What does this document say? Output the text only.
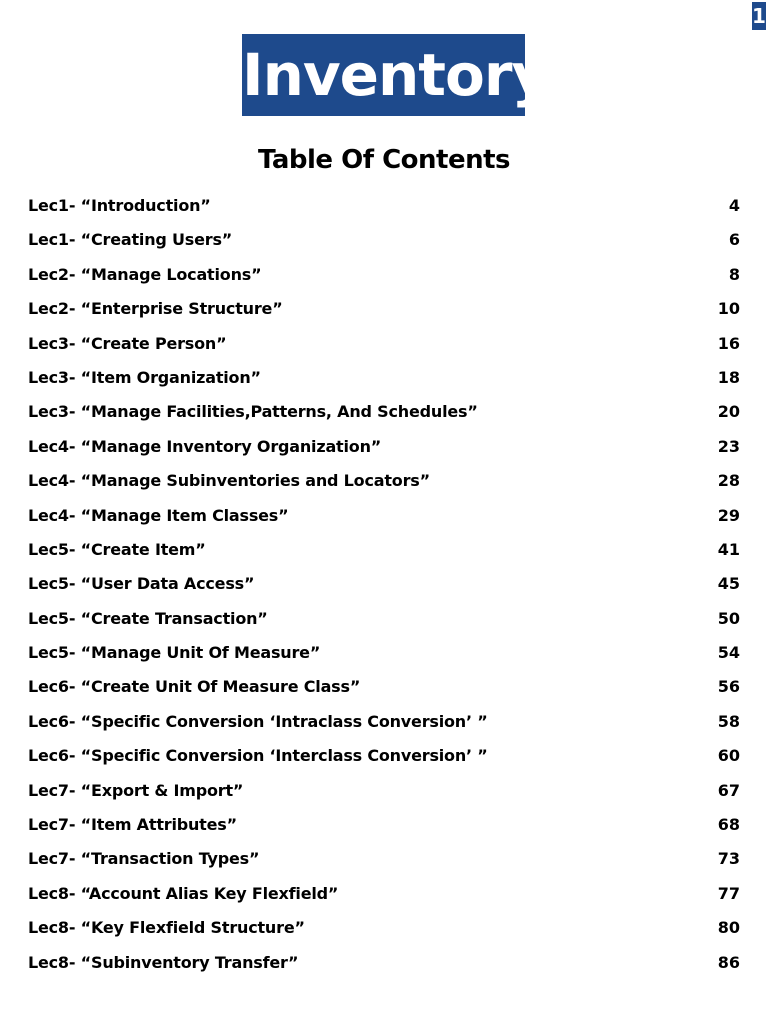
1
Inventory
Table Of Contents
Lec1- “Introduction”	4
Lec1- “Creating Users”	6
Lec2- “Manage Locations”	8
Lec2- “Enterprise Structure”	10
Lec3- “Create Person”	16
Lec3- “Item Organization”	18
Lec3- “Manage Facilities,Patterns, And Schedules”	20
Lec4- “Manage Inventory Organization”	23
Lec4- “Manage Subinventories and Locators”	28
Lec4- “Manage Item Classes”	29
Lec5- “Create Item”	41
Lec5- “User Data Access”	45
Lec5- “Create Transaction”	50
Lec5- “Manage Unit Of Measure”	54
Lec6- “Create Unit Of Measure Class”	56
Lec6- “Specific Conversion ‘Intraclass Conversion’ ”	58
Lec6- “Specific Conversion ‘Interclass Conversion’ ”	60
Lec7- “Export & Import”	67
Lec7- “Item Attributes”	68
Lec7- “Transaction Types”	73
Lec8- “Account Alias Key Flexfield”	77
Lec8- “Key Flexfield Structure”	80
Lec8- “Subinventory Transfer”	86
